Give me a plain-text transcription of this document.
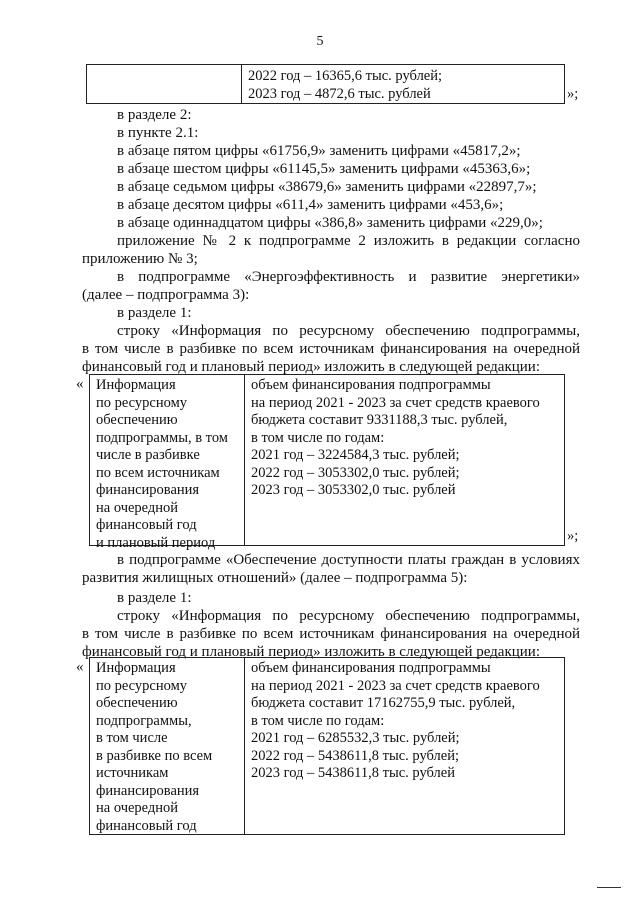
5
2022 год – 16365,6 тыс. рублей;
2023 год – 4872,6 тыс. рублей	»;
в разделе 2:
в пункте 2.1:
в абзаце пятом цифры «61756,9» заменить цифрами «45817,2»;
в абзаце шестом цифры «61145,5» заменить цифрами «45363,6»;
в абзаце седьмом цифры «38679,6» заменить цифрами «22897,7»;
в абзаце десятом цифры «611,4» заменить цифрами «453,6»;
в абзаце одиннадцатом цифры «386,8» заменить цифрами «229,0»;
приложение № 2 к подпрограмме 2 изложить в редакции согласно
приложению № 3;
в подпрограмме «Энергоэффективность и развитие энергетики»
(далее – подпрограмма 3):
в разделе 1:
строку «Информация по ресурсному обеспечению подпрограммы,
в том числе в разбивке по всем источникам финансирования на очередной
финансовый год и плановый период» изложить в следующей редакции:
« Информация
по ресурсному
обеспечению
подпрограммы, в том
числе в разбивке
по всем источникам
финансирования
на очередной
финансовый год
и плановый период
объем финансирования подпрограммы
на период 2021 - 2023 за счет средств краевого
бюджета составит 9331188,3 тыс. рублей,
в том числе по годам:
2021 год – 3224584,3 тыс. рублей;
2022 год – 3053302,0 тыс. рублей;
2023 год – 3053302,0 тыс. рублей
»;
в подпрограмме «Обеспечение доступности платы граждан в условиях
развития жилищных отношений» (далее – подпрограмма 5):
в разделе 1:
строку «Информация по ресурсному обеспечению подпрограммы,
в том числе в разбивке по всем источникам финансирования на очередной
финансовый год и плановый период» изложить в следующей редакции:
« Информация
по ресурсному
обеспечению
подпрограммы,
в том числе
в разбивке по всем
источникам
финансирования
на очередной
финансовый год
объем финансирования подпрограммы
на период 2021 - 2023 за счет средств краевого
бюджета составит 17162755,9 тыс. рублей,
в том числе по годам:
2021 год – 6285532,3 тыс. рублей;
2022 год – 5438611,8 тыс. рублей;
2023 год – 5438611,8 тыс. рублей
